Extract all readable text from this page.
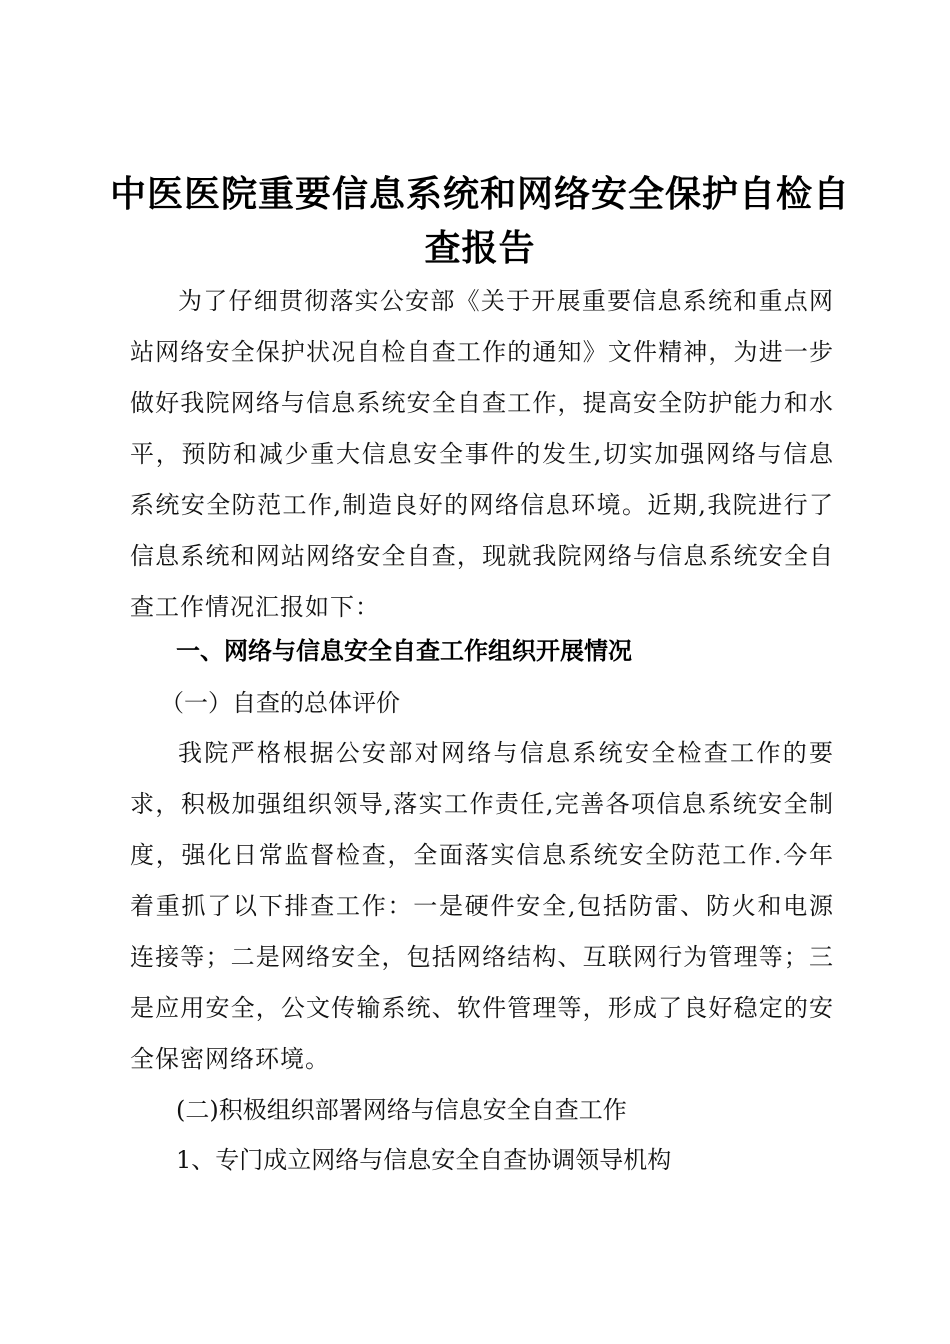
中医医院重要信息系统和网络安全保护自检自查报告
为了仔细贯彻落实公安部《关于开展重要信息系统和重点网站网络安全保护状况自检自查工作的通知》文件精神，为进一步做好我院网络与信息系统安全自查工作，提高安全防护能力和水平，预防和减少重大信息安全事件的发生,切实加强网络与信息系统安全防范工作,制造良好的网络信息环境。近期,我院进行了信息系统和网站网络安全自查，现就我院网络与信息系统安全自查工作情况汇报如下：
一、网络与信息安全自查工作组织开展情况
（一）自查的总体评价
我院严格根据公安部对网络与信息系统安全检查工作的要求，积极加强组织领导,落实工作责任,完善各项信息系统安全制度，强化日常监督检查，全面落实信息系统安全防范工作.今年着重抓了以下排查工作：一是硬件安全,包括防雷、防火和电源连接等；二是网络安全，包括网络结构、互联网行为管理等；三是应用安全，公文传输系统、软件管理等，形成了良好稳定的安全保密网络环境。
(二)积极组织部署网络与信息安全自查工作
1、专门成立网络与信息安全自查协调领导机构
